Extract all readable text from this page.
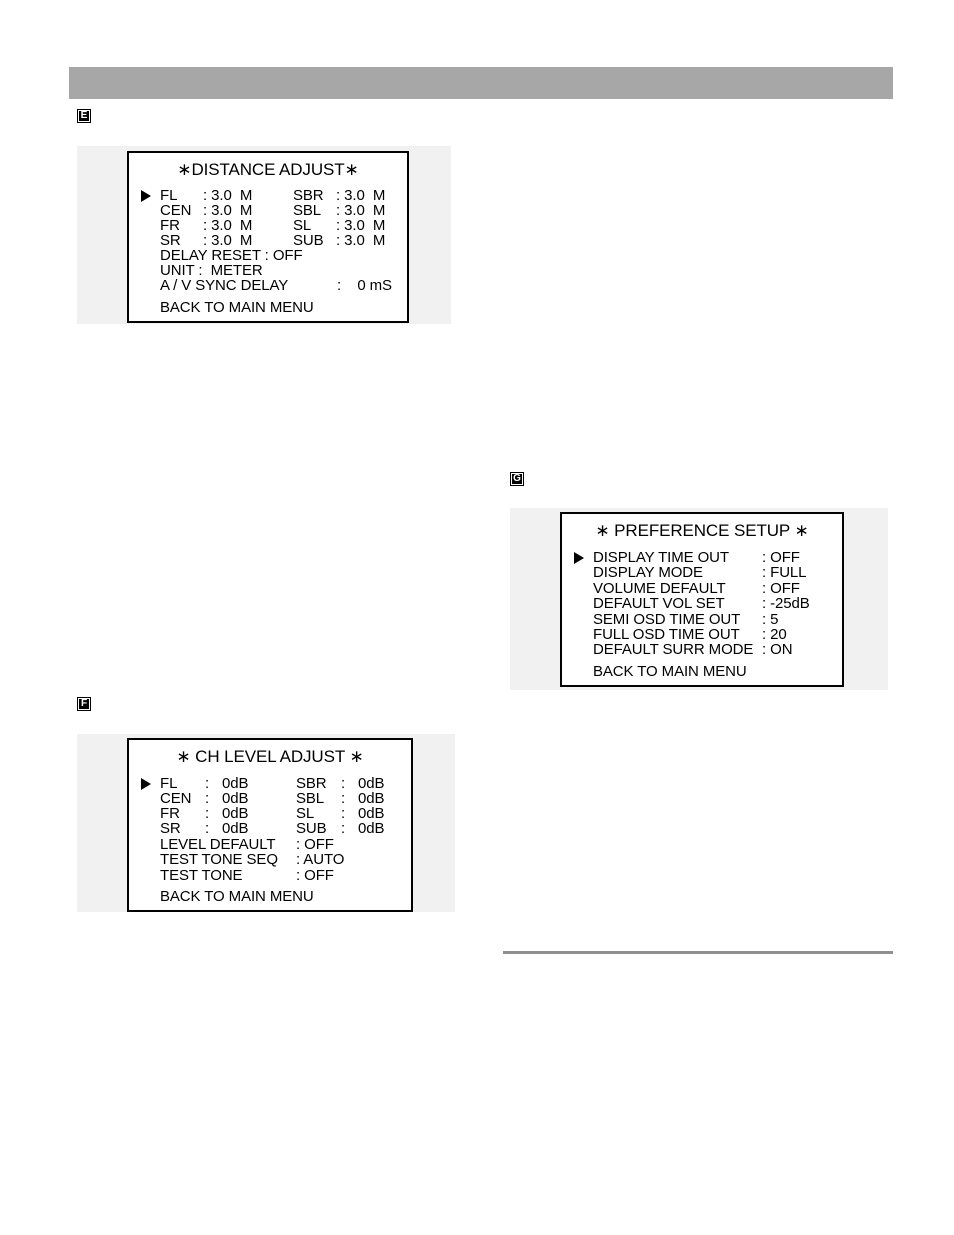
E
∗DISTANCE ADJUST∗
FL : 3.0  M	SBR : 3.0  M
CEN : 3.0  M	SBL : 3.0  M
FR : 3.0  M	SL : 3.0  M
SR : 3.0  M	SUB : 3.0  M
DELAY RESET : OFF
UNIT :  METER
A / V SYNC DELAY	:    0 mS
BACK TO MAIN MENU
F
∗ CH LEVEL ADJUST ∗
FL : 0dB	SBR : 0dB
CEN : 0dB	SBL : 0dB
FR : 0dB	SL : 0dB
SR : 0dB	SUB : 0dB
LEVEL DEFAULT : OFF
TEST TONE SEQ : AUTO
TEST TONE	: OFF
BACK TO MAIN MENU
G
∗ PREFERENCE SETUP ∗
DISPLAY TIME OUT : OFF
DISPLAY MODE	: FULL
VOLUME DEFAULT : OFF
DEFAULT VOL SET : -25dB
SEMI OSD TIME OUT : 5
FULL OSD TIME OUT : 20
DEFAULT SURR MODE : ON
BACK TO MAIN MENU
